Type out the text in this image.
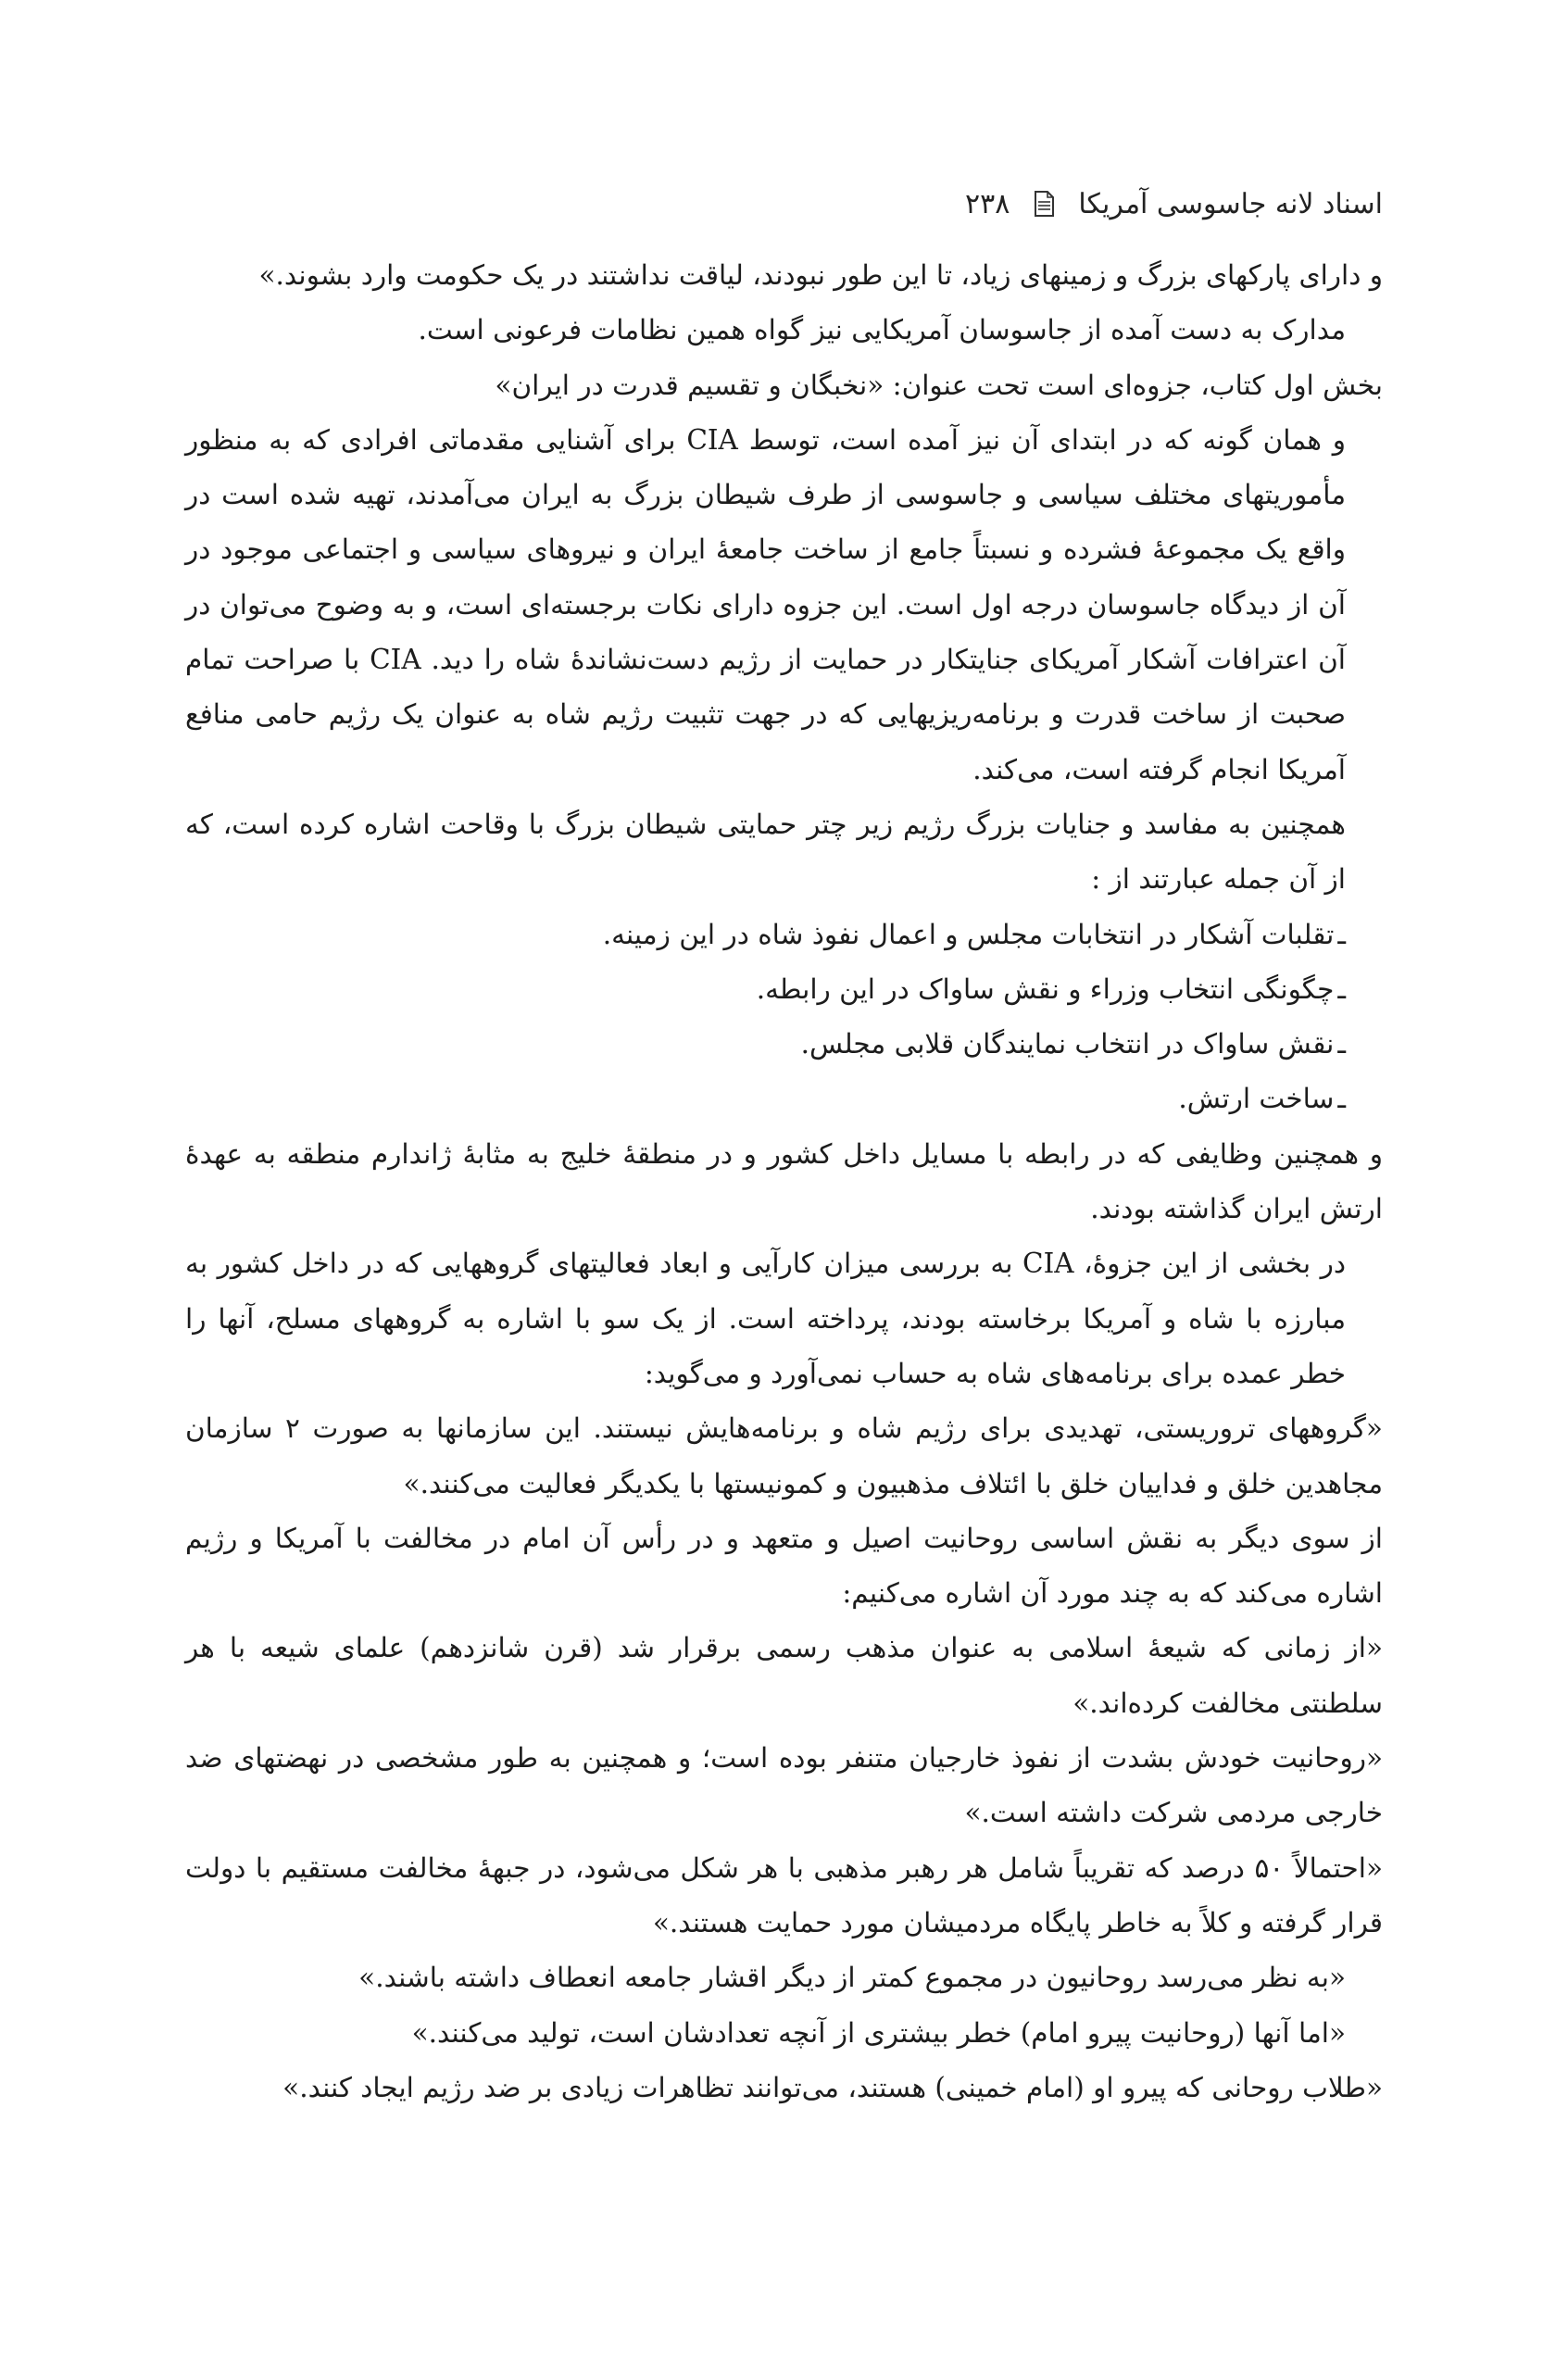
اسناد لانه جاسوسی آمریکا
۲۳۸

و دارای پارکهای بزرگ و زمینهای زیاد، تا این طور نبودند، لیاقت نداشتند در یک حکومت وارد بشوند.»

مدارک به دست آمده از جاسوسان آمریکایی نیز گواه همین نظامات فرعونی است.

بخش اول کتاب، جزوه‌ای است تحت عنوان: «نخبگان و تقسیم قدرت در ایران»

و همان گونه که در ابتدای آن نیز آمده است، توسط CIA برای آشنایی مقدماتی افرادی که به منظور مأموریتهای مختلف سیاسی و جاسوسی از طرف شیطان بزرگ به ایران می‌آمدند، تهیه شده است در واقع یک مجموعهٔ فشرده و نسبتاً جامع از ساخت جامعهٔ ایران و نیروهای سیاسی و اجتماعی موجود در آن از دیدگاه جاسوسان درجه اول است. این جزوه دارای نکات برجسته‌ای است، و به وضوح می‌توان در آن اعترافات آشکار آمریکای جنایتکار در حمایت از رژیم دست‌نشاندهٔ شاه را دید. CIA با صراحت تمام صحبت از ساخت قدرت و برنامه‌ریزیهایی که در جهت تثبیت رژیم شاه به عنوان یک رژیم حامی منافع آمریکا انجام گرفته است، می‌کند.

همچنین به مفاسد و جنایات بزرگ رژیم زیر چتر حمایتی شیطان بزرگ با وقاحت اشاره کرده است، که از آن جمله عبارتند از :

ـ تقلبات آشکار در انتخابات مجلس و اعمال نفوذ شاه در این زمینه.

ـ چگونگی انتخاب وزراء و نقش ساواک در این رابطه.

ـ نقش ساواک در انتخاب نمایندگان قلابی مجلس.

ـ ساخت ارتش.

و همچنین وظایفی که در رابطه با مسایل داخل کشور و در منطقهٔ خلیج به مثابهٔ ژاندارم منطقه به عهدهٔ ارتش ایران گذاشته بودند.

در بخشی از این جزوهٔ، CIA به بررسی میزان کارآیی و ابعاد فعالیتهای گروههایی که در داخل کشور به مبارزه با شاه و آمریکا برخاسته بودند، پرداخته است. از یک سو با اشاره به گروههای مسلح، آنها را خطر عمده برای برنامه‌های شاه به حساب نمی‌آورد و می‌گوید:

«گروههای تروریستی، تهدیدی برای رژیم شاه و برنامه‌هایش نیستند. این سازمانها به صورت ۲ سازمان مجاهدین خلق و فداییان خلق با ائتلاف مذهبیون و کمونیستها با یکدیگر فعالیت می‌کنند.»

از سوی دیگر به نقش اساسی روحانیت اصیل و متعهد و در رأس آن امام در مخالفت با آمریکا و رژیم اشاره می‌کند که به چند مورد آن اشاره می‌کنیم:

«از زمانی که شیعهٔ اسلامی به عنوان مذهب رسمی برقرار شد (قرن شانزدهم) علمای شیعه با هر سلطنتی مخالفت کرده‌اند.»

«روحانیت خودش بشدت از نفوذ خارجیان متنفر بوده است؛ و همچنین به طور مشخصی در نهضتهای ضد خارجی مردمی شرکت داشته است.»

«احتمالاً ۵۰ درصد که تقریباً شامل هر رهبر مذهبی با هر شکل می‌شود، در جبههٔ مخالفت مستقیم با دولت قرار گرفته و کلاً به خاطر پایگاه مردمیشان مورد حمایت هستند.»

«به نظر می‌رسد روحانیون در مجموع کمتر از دیگر اقشار جامعه انعطاف داشته باشند.»

«اما آنها (روحانیت پیرو امام) خطر بیشتری از آنچه تعدادشان است، تولید می‌کنند.»

«طلاب روحانی که پیرو او (امام خمینی) هستند، می‌توانند تظاهرات زیادی بر ضد رژیم ایجاد کنند.»
